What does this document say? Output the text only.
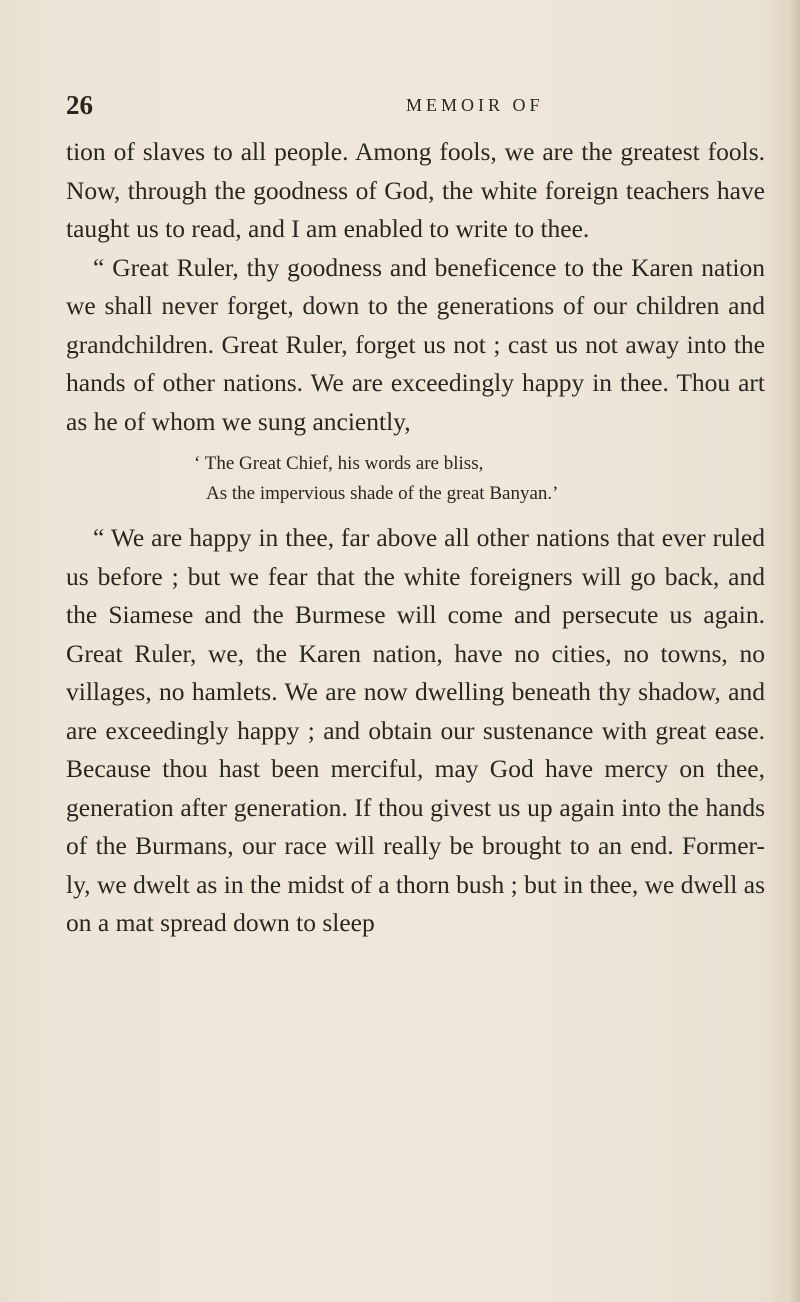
26	MEMOIR OF

tion of slaves to all people. Among fools, we are the greatest fools. Now, through the goodness of God, the white foreign teachers have taught us to read, and I am enabled to write to thee.

“ Great Ruler, thy goodness and beneficence to the Karen nation we shall never forget, down to the generations of our children and grandchildren. Great Ruler, forget us not ; cast us not away into the hands of other nations. We are exceedingly happy in thee. Thou art as he of whom we sung anciently,

‘ The Great Chief, his words are bliss,
As the impervious shade of the great Banyan.’

“ We are happy in thee, far above all other nations that ever ruled us before ; but we fear that the white foreigners will go back, and the Siamese and the Burmese will come and persecute us again. Great Ruler, we, the Karen nation, have no cities, no towns, no villages, no hamlets. We are now dwelling beneath thy shadow, and are exceedingly happy ; and obtain our sustenance with great ease. Because thou hast been merciful, may God have mercy on thee, generation after generation. If thou givest us up again into the hands of the Burmans, our race will really be brought to an end. Former- ly, we dwelt as in the midst of a thorn bush ; but in thee, we dwell as on a mat spread down to sleep
